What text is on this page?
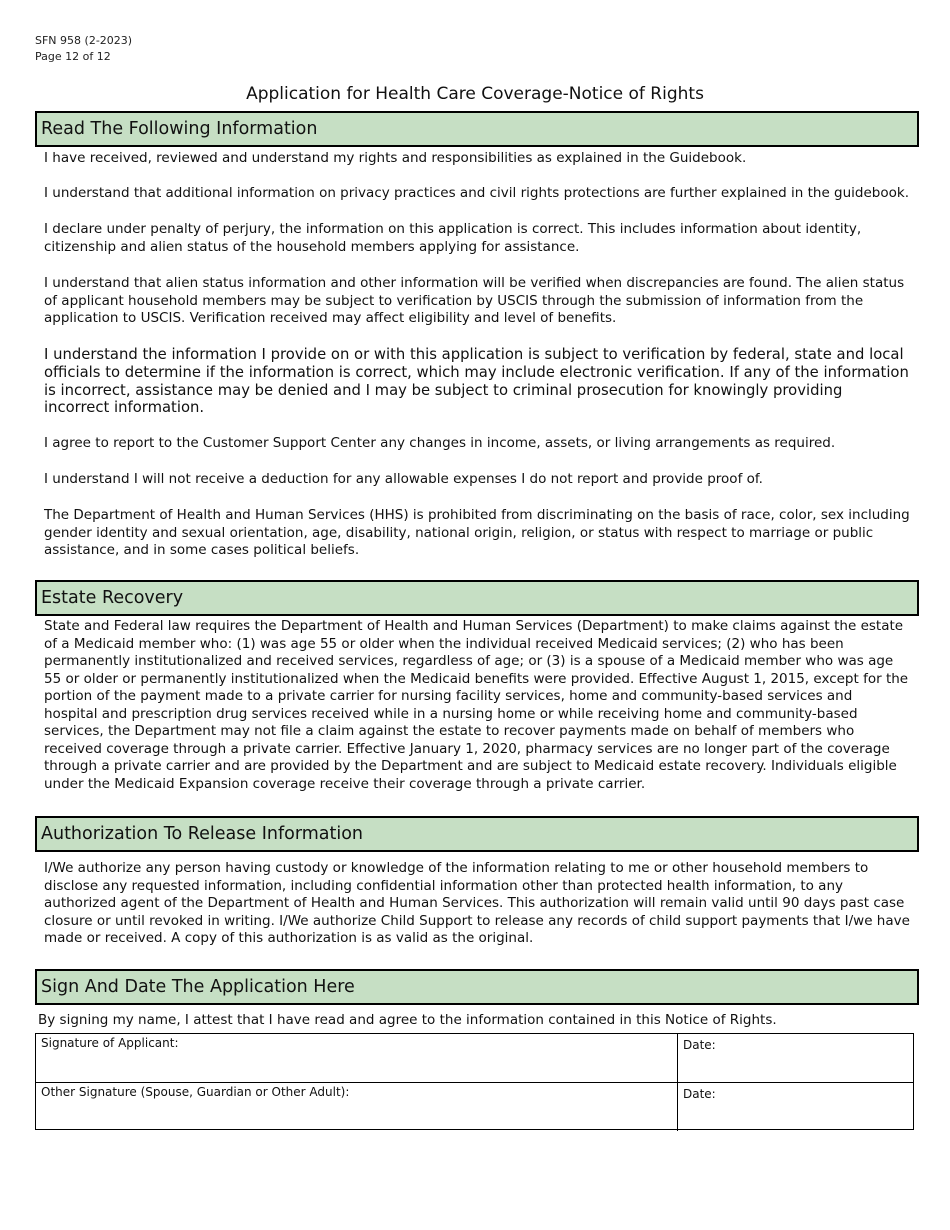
SFN 958 (2-2023)
Page 12 of 12
Application for Health Care Coverage-Notice of Rights
Read The Following Information

I have received, reviewed and understand my rights and responsibilities as explained in the Guidebook.

I understand that additional information on privacy practices and civil rights protections are further explained in the guidebook.

I declare under penalty of perjury, the information on this application is correct. This includes information about identity, citizenship and alien status of the household members applying for assistance.

I understand that alien status information and other information will be verified when discrepancies are found. The alien status of applicant household members may be subject to verification by USCIS through the submission of information from the application to USCIS. Verification received may affect eligibility and level of benefits.

I understand the information I provide on or with this application is subject to verification by federal, state and local officials to determine if the information is correct, which may include electronic verification. If any of the information is incorrect, assistance may be denied and I may be subject to criminal prosecution for knowingly providing incorrect information.

I agree to report to the Customer Support Center any changes in income, assets, or living arrangements as required.

I understand I will not receive a deduction for any allowable expenses I do not report and provide proof of.

The Department of Health and Human Services (HHS) is prohibited from discriminating on the basis of race, color, sex including gender identity and sexual orientation, age, disability, national origin, religion, or status with respect to marriage or public assistance, and in some cases political beliefs.

Estate Recovery

State and Federal law requires the Department of Health and Human Services (Department) to make claims against the estate of a Medicaid member who: (1) was age 55 or older when the individual received Medicaid services; (2) who has been permanently institutionalized and received services, regardless of age; or (3) is a spouse of a Medicaid member who was age 55 or older or permanently institutionalized when the Medicaid benefits were provided. Effective August 1, 2015, except for the portion of the payment made to a private carrier for nursing facility services, home and community-based services and hospital and prescription drug services received while in a nursing home or while receiving home and community-based services, the Department may not file a claim against the estate to recover payments made on behalf of members who received coverage through a private carrier. Effective January 1, 2020, pharmacy services are no longer part of the coverage through a private carrier and are provided by the Department and are subject to Medicaid estate recovery. Individuals eligible under the Medicaid Expansion coverage receive their coverage through a private carrier.

Authorization To Release Information

I/We authorize any person having custody or knowledge of the information relating to me or other household members to disclose any requested information, including confidential information other than protected health information, to any authorized agent of the Department of Health and Human Services. This authorization will remain valid until 90 days past case closure or until revoked in writing. I/We authorize Child Support to release any records of child support payments that I/we have made or received. A copy of this authorization is as valid as the original.

Sign And Date The Application Here
By signing my name, I attest that I have read and agree to the information contained in this Notice of Rights.
Signature of Applicant:	Date:
Other Signature (Spouse, Guardian or Other Adult):	Date:
